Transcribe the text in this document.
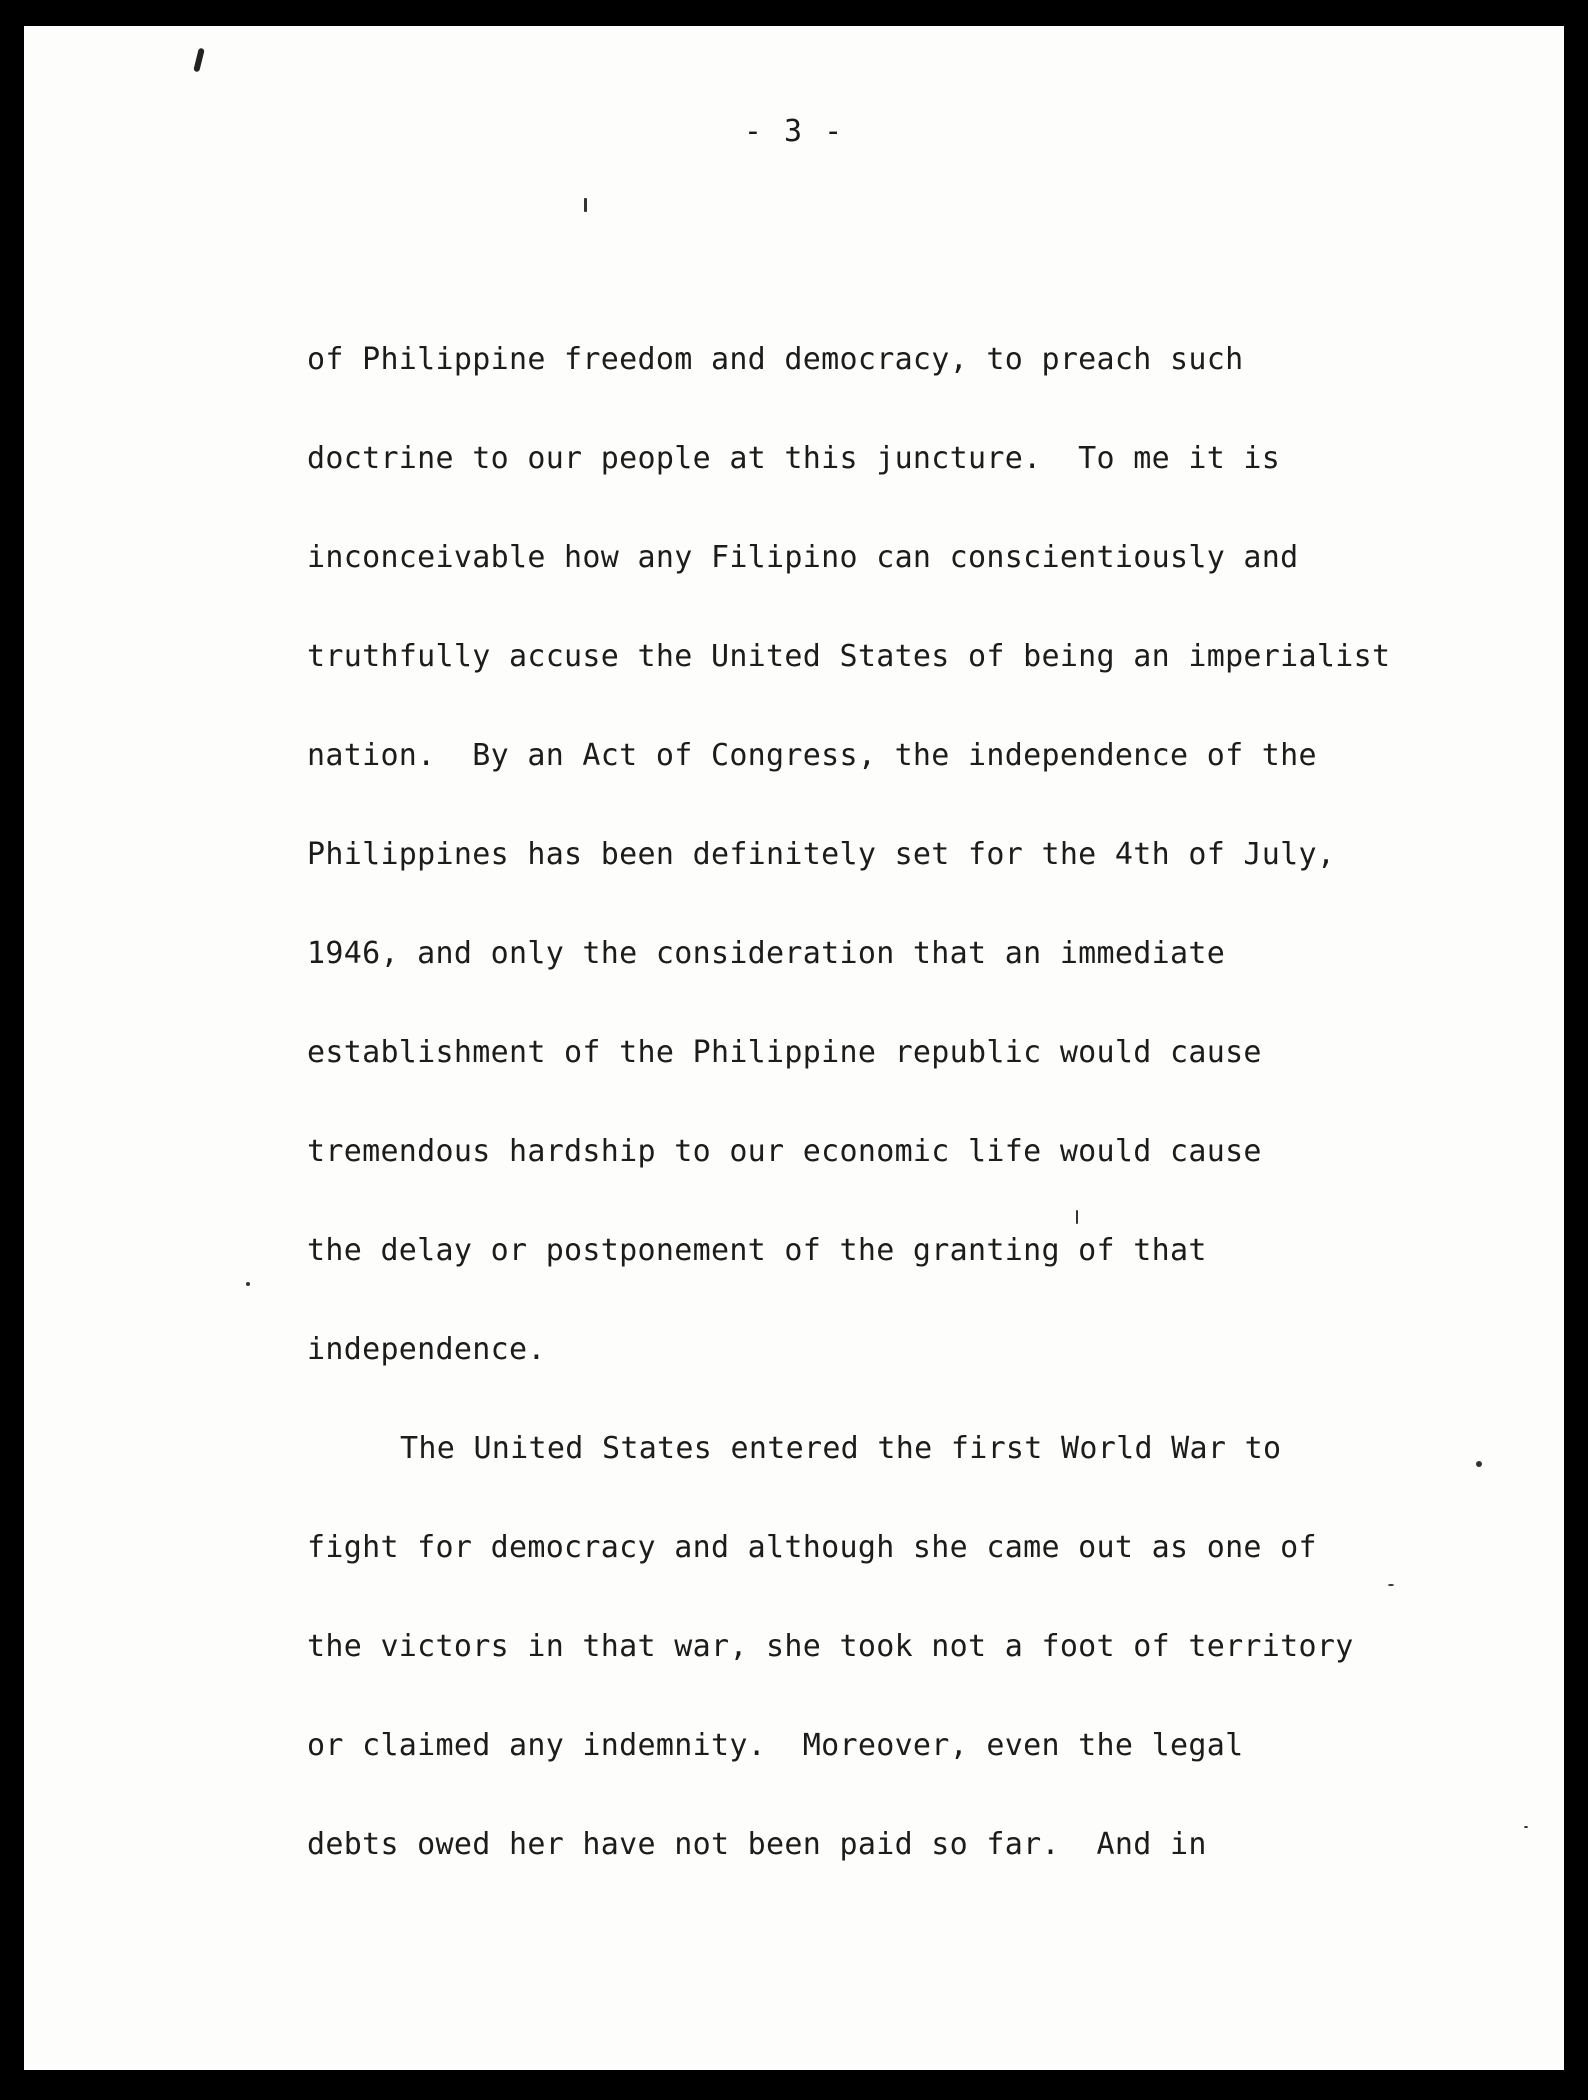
- 3 -
of Philippine freedom and democracy, to preach such
doctrine to our people at this juncture.  To me it is
inconceivable how any Filipino can conscientiously and
truthfully accuse the United States of being an imperialist
nation.  By an Act of Congress, the independence of the
Philippines has been definitely set for the 4th of July,
1946, and only the consideration that an immediate
establishment of the Philippine republic would cause
tremendous hardship to our economic life would cause
the delay or postponement of the granting of that
independence.
The United States entered the first World War to
fight for democracy and although she came out as one of
the victors in that war, she took not a foot of territory
or claimed any indemnity.  Moreover, even the legal
debts owed her have not been paid so far.  And in
